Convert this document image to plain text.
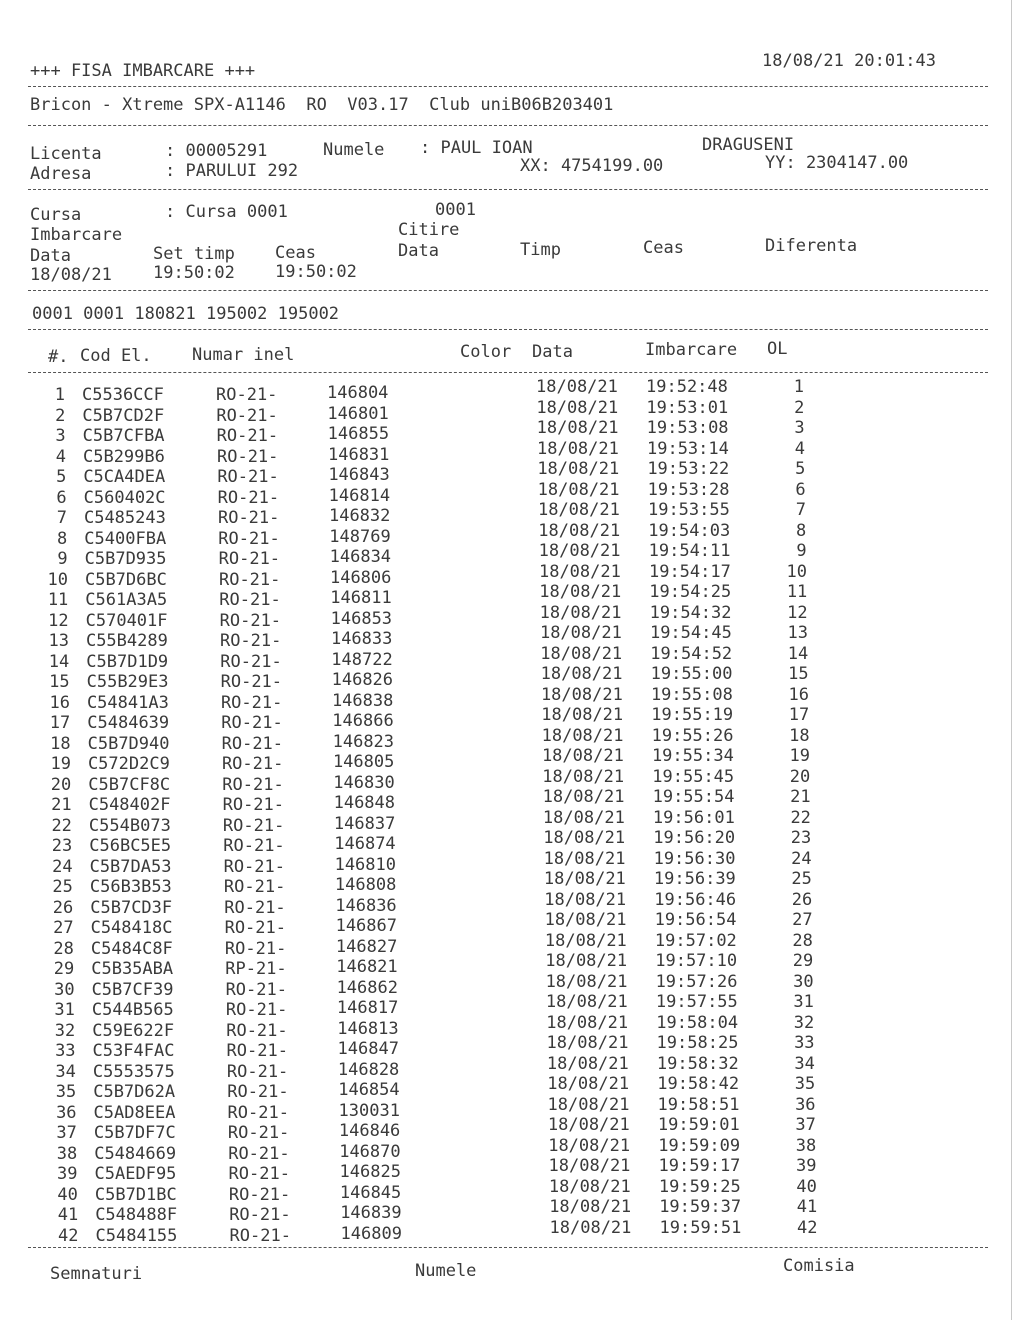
+++ FISA IMBARCARE +++	18/08/21 20:01:43
Bricon - Xtreme SPX-A1146  RO  V03.17  Club uniB06B203401
Licenta	: 00005291	Numele : PAUL IOAN	DRAGUSENI
Adresa	: PARULUI 292	XX: 4754199.00	YY: 2304147.00
Cursa	: Cursa 0001	0001
Imbarcare	Citire
Data	Set timp Ceas	Data	Timp	Ceas	Diferenta
18/08/21 19:50:02 19:50:02
0001 0001 180821 195002 195002
#. Cod El. Numar inel	Color Data	Imbarcare OL
1 C5536CCF	RO-21-	146804	18/08/21 19:52:48	1
2 C5B7CD2F	RO-21-	146801	18/08/21 19:53:01	2
3 C5B7CFBA	RO-21-	146855	18/08/21 19:53:08	3
4 C5B299B6	RO-21-	146831	18/08/21 19:53:14	4
5 C5CA4DEA	RO-21-	146843	18/08/21 19:53:22	5
6 C560402C	RO-21-	146814	18/08/21 19:53:28	6
7 C5485243	RO-21-	146832	18/08/21 19:53:55	7
8 C5400FBA	RO-21-	148769	18/08/21 19:54:03	8
9 C5B7D935	RO-21-	146834	18/08/21 19:54:11	9
10 C5B7D6BC	RO-21-	146806	18/08/21 19:54:17	10
11 C561A3A5	RO-21-	146811	18/08/21 19:54:25	11
12 C570401F	RO-21-	146853	18/08/21 19:54:32	12
13 C55B4289	RO-21-	146833	18/08/21 19:54:45	13
14 C5B7D1D9	RO-21-	148722	18/08/21 19:54:52	14
15 C55B29E3	RO-21-	146826	18/08/21 19:55:00	15
16 C54841A3	RO-21-	146838	18/08/21 19:55:08	16
17 C5484639	RO-21-	146866	18/08/21 19:55:19	17
18 C5B7D940	RO-21-	146823	18/08/21 19:55:26	18
19 C572D2C9	RO-21-	146805	18/08/21 19:55:34	19
20 C5B7CF8C	RO-21-	146830	18/08/21 19:55:45	20
21 C548402F	RO-21-	146848	18/08/21 19:55:54	21
22 C554B073	RO-21-	146837	18/08/21 19:56:01	22
23 C56BC5E5	RO-21-	146874	18/08/21 19:56:20	23
24 C5B7DA53	RO-21-	146810	18/08/21 19:56:30	24
25 C56B3B53	RO-21-	146808	18/08/21 19:56:39	25
26 C5B7CD3F	RO-21-	146836	18/08/21 19:56:46	26
27 C548418C	RO-21-	146867	18/08/21 19:56:54	27
28 C5484C8F	RO-21-	146827	18/08/21 19:57:02	28
29 C5B35ABA	RP-21-	146821	18/08/21 19:57:10	29
30 C5B7CF39	RO-21-	146862	18/08/21 19:57:26	30
31 C544B565	RO-21-	146817	18/08/21 19:57:55	31
32 C59E622F	RO-21-	146813	18/08/21 19:58:04	32
33 C53F4FAC	RO-21-	146847	18/08/21 19:58:25	33
34 C5553575	RO-21-	146828	18/08/21 19:58:32	34
35 C5B7D62A	RO-21-	146854	18/08/21 19:58:42	35
36 C5AD8EEA	RO-21-	130031	18/08/21 19:58:51	36
37 C5B7DF7C	RO-21-	146846	18/08/21 19:59:01	37
38 C5484669	RO-21-	146870	18/08/21 19:59:09	38
39 C5AEDF95	RO-21-	146825	18/08/21 19:59:17	39
40 C5B7D1BC	RO-21-	146845	18/08/21 19:59:25	40
41 C548488F	RO-21-	146839	18/08/21 19:59:37	41
42 C5484155	RO-21-	146809	18/08/21 19:59:51	42
Semnaturi	Numele	Comisia
